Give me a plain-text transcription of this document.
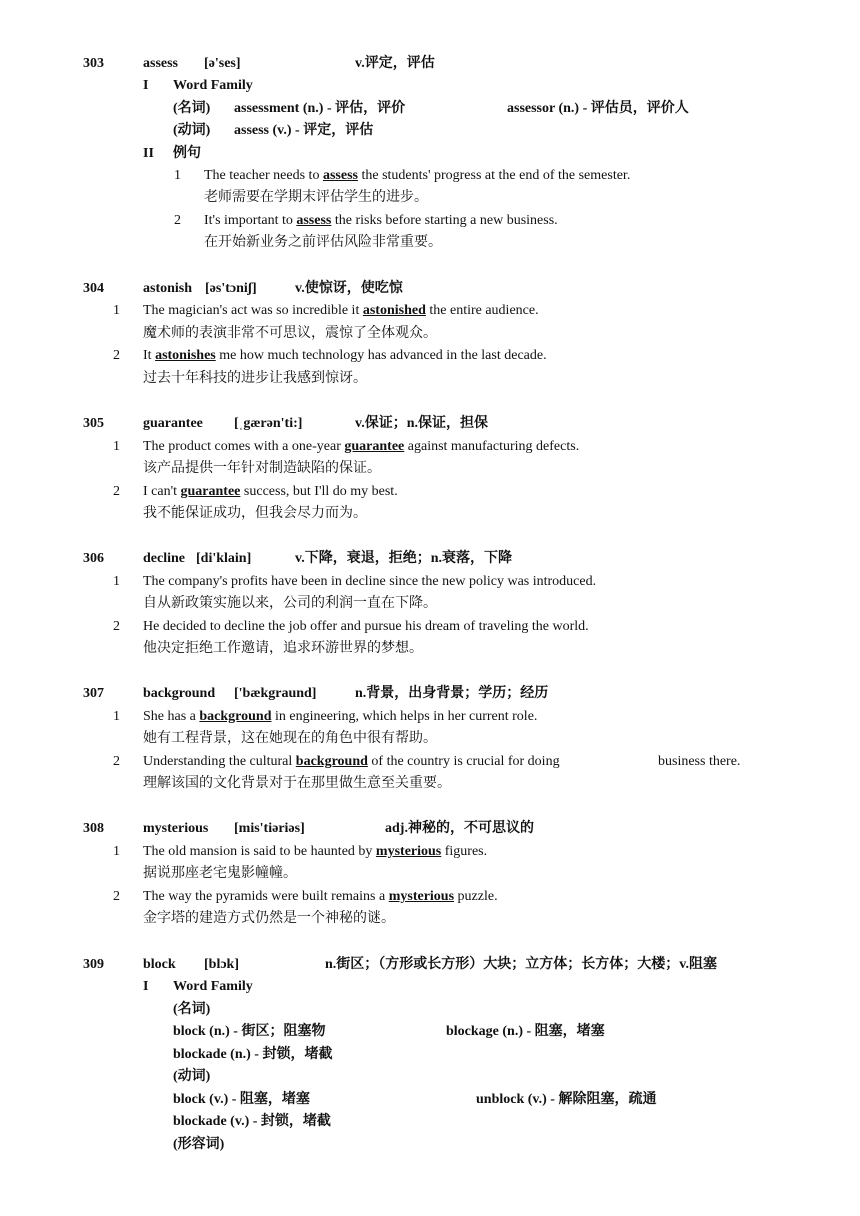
303	assess [ə'ses]	v.评定，评估
I Word Family
(名词) assessment (n.) - 评估，评价	assessor (n.) - 评估员，评价人
(动词) assess (v.) - 评定，评估
II 例句
1 The teacher needs to assess the students' progress at the end of the semester.
老师需要在学期末评估学生的进步。
2 It's important to assess the risks before starting a new business.
在开始新业务之前评估风险非常重要。
304	astonish [əs'tɔniʃ]	v.使惊讶，使吃惊
1 The magician's act was so incredible it astonished the entire audience.
魔术师的表演非常不可思议，震惊了全体观众。
2 It astonishes me how much technology has advanced in the last decade.
过去十年科技的进步让我感到惊讶。
305	guarantee [ˌgærən'ti:]	v.保证；n.保证，担保
1 The product comes with a one-year guarantee against manufacturing defects.
该产品提供一年针对制造缺陷的保证。
2 I can't guarantee success, but I'll do my best.
我不能保证成功，但我会尽力而为。
306	decline [di'klain]	v.下降，衰退，拒绝；n.衰落，下降
1 The company's profits have been in decline since the new policy was introduced.
自从新政策实施以来，公司的利润一直在下降。
2 He decided to decline the job offer and pursue his dream of traveling the world.
他决定拒绝工作邀请，追求环游世界的梦想。
307	background ['bækgraund]	n.背景，出身背景；学历；经历
1 She has a background in engineering, which helps in her current role.
她有工程背景，这在她现在的角色中很有帮助。
2 Understanding the cultural background of the country is crucial for doing	business there.
理解该国的文化背景对于在那里做生意至关重要。
308	mysterious [mis'tiəriəs]	adj.神秘的，不可思议的
1 The old mansion is said to be haunted by mysterious figures.
据说那座老宅鬼影幢幢。
2 The way the pyramids were built remains a mysterious puzzle.
金字塔的建造方式仍然是一个神秘的谜。
309	block [blɔk]	n.街区；（方形或长方形）大块；立方体；长方体；大楼；v.阻塞
I Word Family
(名词)
block (n.) - 街区；阻塞物	blockage (n.) - 阻塞，堵塞
blockade (n.) - 封锁，堵截
(动词)
block (v.) - 阻塞，堵塞	unblock (v.) - 解除阻塞，疏通
blockade (v.) - 封锁，堵截
(形容词)
